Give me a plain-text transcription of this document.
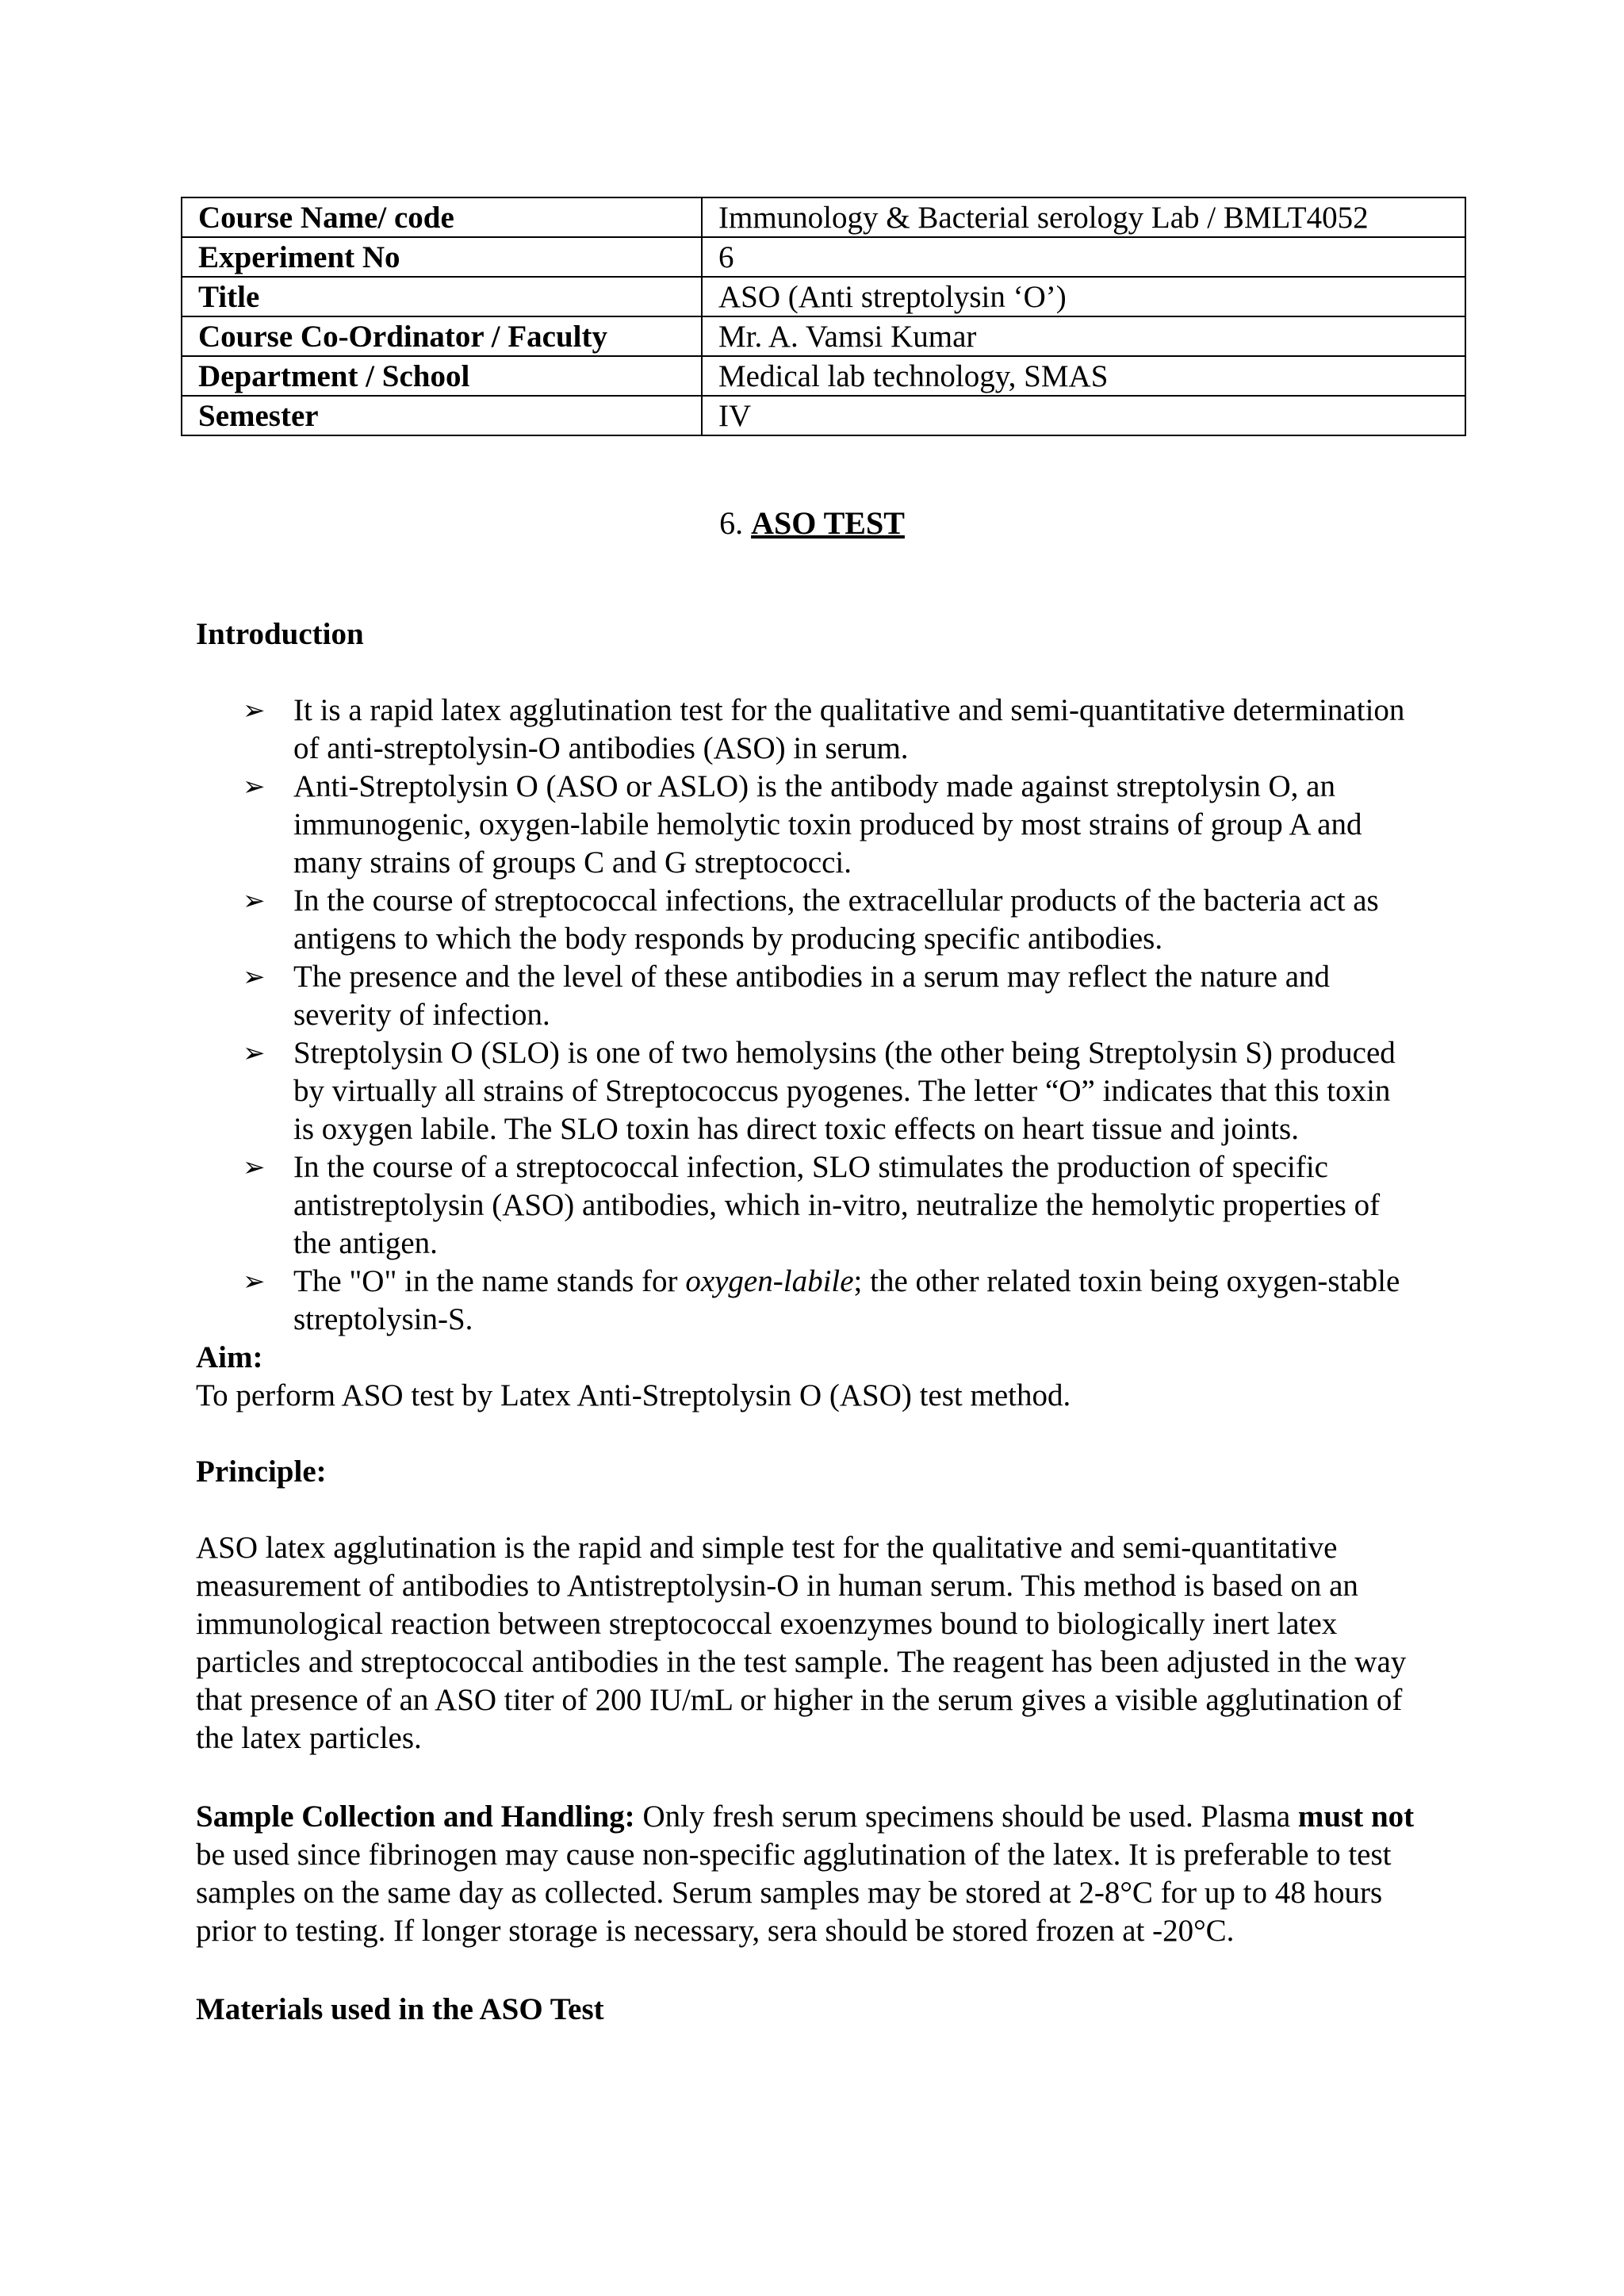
Course Name/ code	Immunology & Bacterial serology Lab / BMLT4052
Experiment No	6
Title	ASO (Anti streptolysin ‘O’)
Course Co-Ordinator / Faculty	Mr. A. Vamsi Kumar
Department / School	Medical lab technology, SMAS
Semester	IV
6. ASO TEST

Introduction

➢ It is a rapid latex agglutination test for the qualitative and semi-quantitative determination of anti-streptolysin-O antibodies (ASO) in serum.
➢ Anti-Streptolysin O (ASO or ASLO) is the antibody made against streptolysin O, an immunogenic, oxygen-labile hemolytic toxin produced by most strains of group A and many strains of groups C and G streptococci.
➢ In the course of streptococcal infections, the extracellular products of the bacteria act as antigens to which the body responds by producing specific antibodies.
➢ The presence and the level of these antibodies in a serum may reflect the nature and severity of infection.
➢ Streptolysin O (SLO) is one of two hemolysins (the other being Streptolysin S) produced by virtually all strains of Streptococcus pyogenes. The letter “O” indicates that this toxin is oxygen labile. The SLO toxin has direct toxic effects on heart tissue and joints.
➢ In the course of a streptococcal infection, SLO stimulates the production of specific antistreptolysin (ASO) antibodies, which in-vitro, neutralize the hemolytic properties of the antigen.
➢ The "O" in the name stands for oxygen-labile; the other related toxin being oxygen-stable streptolysin-S.

Aim:

To perform ASO test by Latex Anti-Streptolysin O (ASO) test method.

Principle:

ASO latex agglutination is the rapid and simple test for the qualitative and semi-quantitative measurement of antibodies to Antistreptolysin-O in human serum. This method is based on an immunological reaction between streptococcal exoenzymes bound to biologically inert latex particles and streptococcal antibodies in the test sample. The reagent has been adjusted in the way that presence of an ASO titer of 200 IU/mL or higher in the serum gives a visible agglutination of the latex particles.

Sample Collection and Handling: Only fresh serum specimens should be used. Plasma must not be used since fibrinogen may cause non-specific agglutination of the latex. It is preferable to test samples on the same day as collected. Serum samples may be stored at 2-8°C for up to 48 hours prior to testing. If longer storage is necessary, sera should be stored frozen at -20°C.

Materials used in the ASO Test
